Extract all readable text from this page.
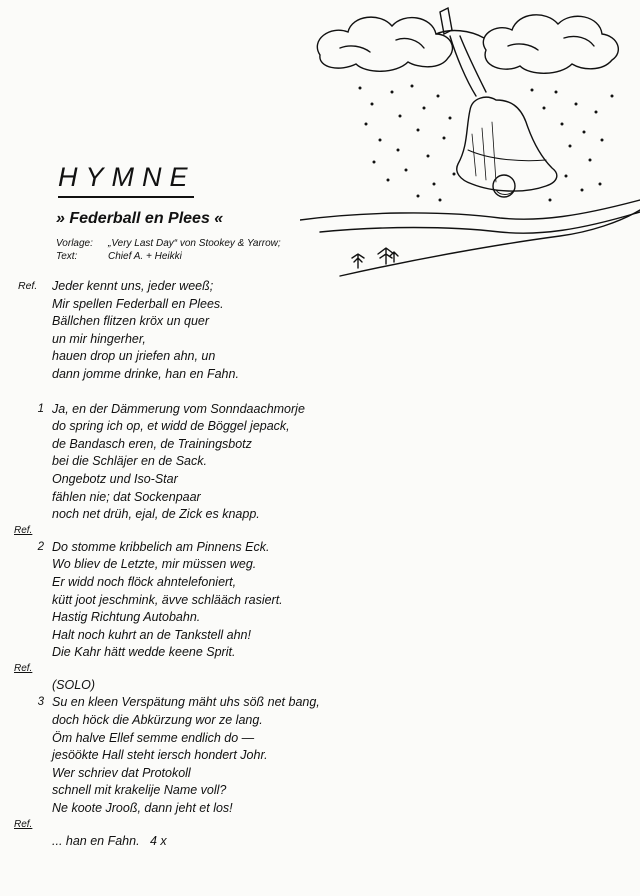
HYMNE
» Federball en Plees «
Vorlage: „Very Last Day“ von Stookey & Yarrow;
Text:	Chief A. + Heikki
Ref.	Jeder kennt uns, jeder weeß;
Mir spellen Federball en Plees.
Bällchen flitzen kröx un quer
un mir hingerher,
hauen drop un jriefen ahn, un
dann jomme drinke, han en Fahn.
1 Ja, en der Dämmerung vom Sonndaachmorje
do spring ich op, et widd de Böggel jepack,
de Bandasch eren, de Trainingsbotz
bei die Schläjer en de Sack.
Ongebotz und Iso-Star
fählen nie; dat Sockenpaar
noch net drüh, ejal, de Zick es knapp.
Ref.
2 Do stomme kribbelich am Pinnens Eck.
Wo bliev de Letzte, mir müssen weg.
Er widd noch flöck ahntelefoniert,
kütt joot jeschmink, ävve schlääch rasiert.
Hastig Richtung Autobahn.
Halt noch kuhrt an de Tankstell ahn!
Die Kahr hätt wedde keene Sprit.
Ref.
(SOLO)
3 Su en kleen Verspätung mäht uhs söß net bang,
doch höck die Abkürzung wor ze lang.
Öm halve Ellef semme endlich do —
jesöökte Hall steht iersch hondert Johr.
Wer schriev dat Protokoll
schnell mit krakelije Name voll?
Ne koote Jrooß, dann jeht et los!
Ref.
... han en Fahn.   4 x
